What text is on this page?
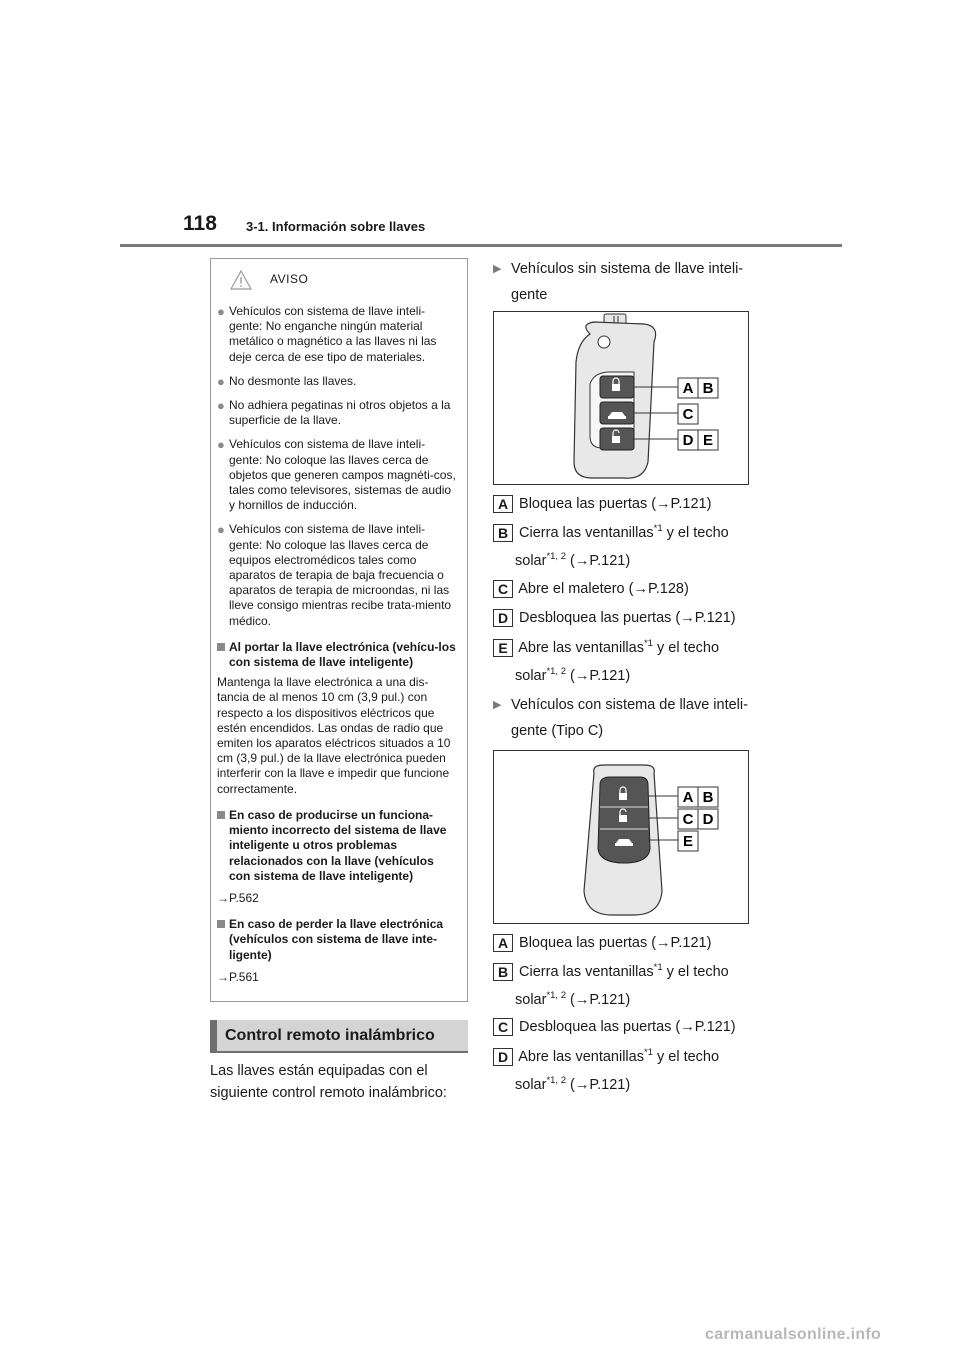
118 3-1. Información sobre llaves
AVISO
● Vehículos con sistema de llave inteli-gente: No enganche ningún material metálico o magnético a las llaves ni las deje cerca de ese tipo de materiales.
● No desmonte las llaves.
● No adhiera pegatinas ni otros objetos a la superficie de la llave.
● Vehículos con sistema de llave inteli-gente: No coloque las llaves cerca de objetos que generen campos magnéti-cos, tales como televisores, sistemas de audio y hornillos de inducción.
● Vehículos con sistema de llave inteli-gente: No coloque las llaves cerca de equipos electromédicos tales como aparatos de terapia de baja frecuencia o aparatos de terapia de microondas, ni las lleve consigo mientras recibe trata-miento médico.
Al portar la llave electrónica (vehícu-los con sistema de llave inteligente)
Mantenga la llave electrónica a una dis-tancia de al menos 10 cm (3,9 pul.) con respecto a los dispositivos eléctricos que estén encendidos. Las ondas de radio que emiten los aparatos eléctricos situados a 10 cm (3,9 pul.) de la llave electrónica pueden interferir con la llave e impedir que funcione correctamente.
En caso de producirse un funciona-miento incorrecto del sistema de llave inteligente u otros problemas relacionados con la llave (vehículos con sistema de llave inteligente)
→P.562
En caso de perder la llave electrónica (vehículos con sistema de llave inte-ligente)
→P.561
Control remoto inalámbrico
Las llaves están equipadas con el siguiente control remoto inalámbrico:
▶ Vehículos sin sistema de llave inteli-gente
A B
C
D E
A Bloquea las puertas (→P.121)
B Cierra las ventanillas$^{*1}$ y el techo
solar$^{*1, 2}$ (→P.121)
C Abre el maletero (→P.128)
D Desbloquea las puertas (→P.121)
E Abre las ventanillas$^{*1}$ y el techo
solar$^{*1, 2}$ (→P.121)
▶ Vehículos con sistema de llave inteli-gente (Tipo C)
A B
C D
E
A Bloquea las puertas (→P.121)
B Cierra las ventanillas$^{*1}$ y el techo
solar$^{*1, 2}$ (→P.121)
C Desbloquea las puertas (→P.121)
D Abre las ventanillas$^{*1}$ y el techo
solar$^{*1, 2}$ (→P.121)
carmanualsonline.info
